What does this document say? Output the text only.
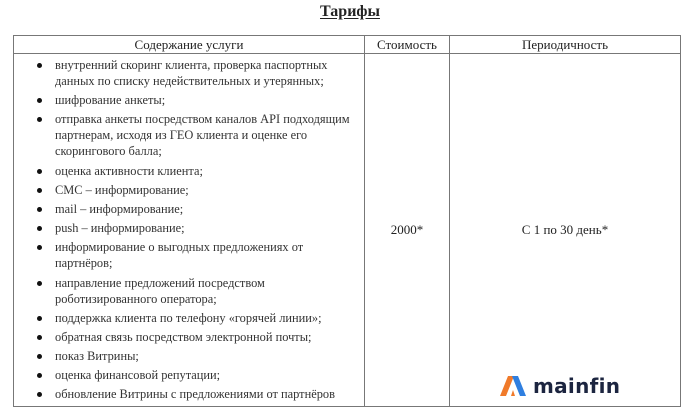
Тарифы
Содержание услуги	Стоимость	Периодичность

внутренний скоринг клиента, проверка паспортных данных по списку недействительных и утерянных;
шифрование анкеты;
отправка анкеты посредством каналов API подходящим партнерам, исходя из ГЕО клиента и оценке его скорингового балла;
оценка активности клиента;
СМС – информирование;
mail – информирование;
push – информирование;
информирование о выгодных предложениях от партнёров;
направление предложений посредством роботизированного оператора;
поддержка клиента по телефону «горячей линии»;
обратная связь посредством электронной почты;
показ Витрины;
оценка финансовой репутации;
обновление Витрины с предложениями от партнёров
	2000*	С 1 по 30 день*
mainfin
